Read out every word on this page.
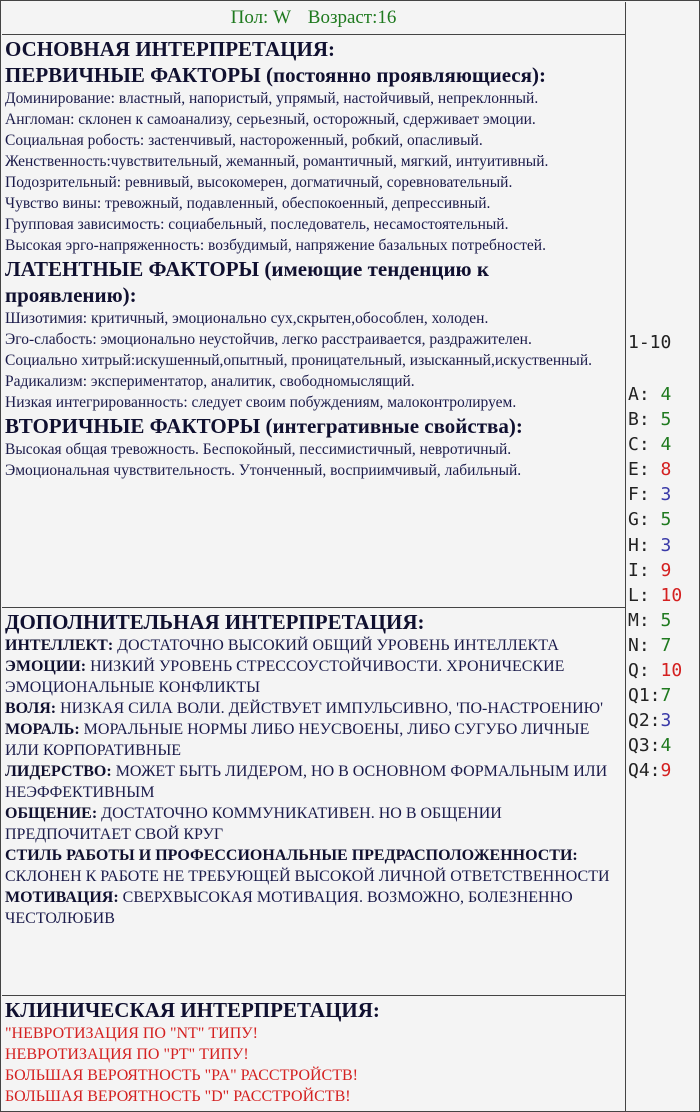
Пол: W Возраст:16
ОСНОВНАЯ ИНТЕРПРЕТАЦИЯ:
ПЕРВИЧНЫЕ ФАКТОРЫ (постоянно проявляющиеся):

Доминирование: властный, напористый, упрямый, настойчивый, непреклонный.

Англоман: склонен к самоанализу, серьезный, осторожный, сдерживает эмоции.

Социальная робость: застенчивый, настороженный, робкий, опасливый.

Женственность:чувствительный, жеманный, романтичный, мягкий, интуитивный.

Подозрительный: ревнивый, высокомерен, догматичный, соревновательный.

Чувство вины: тревожный, подавленный, обеспокоенный, депрессивный.

Групповая зависимость: социабельный, последователь, несамостоятельный.

Высокая эрго-напряженность: возбудимый, напряжение базальных потребностей.

ЛАТЕНТНЫЕ ФАКТОРЫ (имеющие тенденцию к проявлению):

Шизотимия: критичный, эмоционально сух,скрытен,обособлен, холоден.

Эго-слабость: эмоционально неустойчив, легко расстраивается, раздражителен.

Социально хитрый:искушенный,опытный, проницательный, изысканный,искуственный.

Радикализм: экспериментатор, аналитик, свободномыслящий.

Низкая интегрированность: следует своим побуждениям, малоконтролируем.

ВТОРИЧНЫЕ ФАКТОРЫ (интегративные свойства):

Высокая общая тревожность. Беспокойный, пессимистичный, невротичный.

Эмоциональная чувствительность. Утонченный, восприимчивый, лабильный.

ДОПОЛНИТЕЛЬНАЯ ИНТЕРПРЕТАЦИЯ:

ИНТЕЛЛЕКТ: ДОСТАТОЧНО ВЫСОКИЙ ОБЩИЙ УРОВЕНЬ ИНТЕЛЛЕКТА

ЭМОЦИИ: НИЗКИЙ УРОВЕНЬ СТРЕССОУСТОЙЧИВОСТИ. ХРОНИЧЕСКИЕ ЭМОЦИОНАЛЬНЫЕ КОНФЛИКТЫ

ВОЛЯ: НИЗКАЯ СИЛА ВОЛИ. ДЕЙСТВУЕТ ИМПУЛЬСИВНО, 'ПО-НАСТРОЕНИЮ'

МОРАЛЬ: МОРАЛЬНЫЕ НОРМЫ ЛИБО НЕУСВОЕНЫ, ЛИБО СУГУБО ЛИЧНЫЕ ИЛИ КОРПОРАТИВНЫЕ

ЛИДЕРСТВО: МОЖЕТ БЫТЬ ЛИДЕРОМ, НО В ОСНОВНОМ ФОРМАЛЬНЫМ ИЛИ НЕЭФФЕКТИВНЫМ

ОБЩЕНИЕ: ДОСТАТОЧНО КОММУНИКАТИВЕН. НО В ОБЩЕНИИ ПРЕДПОЧИТАЕТ СВОЙ КРУГ

СТИЛЬ РАБОТЫ И ПРОФЕССИОНАЛЬНЫЕ ПРЕДРАСПОЛОЖЕННОСТИ: СКЛОНЕН К РАБОТЕ НЕ ТРЕБУЮЩЕЙ ВЫСОКОЙ ЛИЧНОЙ ОТВЕТСТВЕННОСТИ

МОТИВАЦИЯ: СВЕРХВЫСОКАЯ МОТИВАЦИЯ. ВОЗМОЖНО, БОЛЕЗНЕННО ЧЕСТОЛЮБИВ

КЛИНИЧЕСКАЯ ИНТЕРПРЕТАЦИЯ:

"НЕВРОТИЗАЦИЯ ПО "NT" ТИПУ!

НЕВРОТИЗАЦИЯ ПО "PT" ТИПУ!

БОЛЬШАЯ ВЕРОЯТНОСТЬ "PA" РАССТРОЙСТВ!

БОЛЬШАЯ ВЕРОЯТНОСТЬ "D" РАССТРОЙСТВ!

1-10
A: 4
B: 5
C: 4
E: 8
F: 3
G: 5
H: 3
I: 9
L: 10
M: 5
N: 7
Q: 10
Q1:7
Q2:3
Q3:4
Q4:9
